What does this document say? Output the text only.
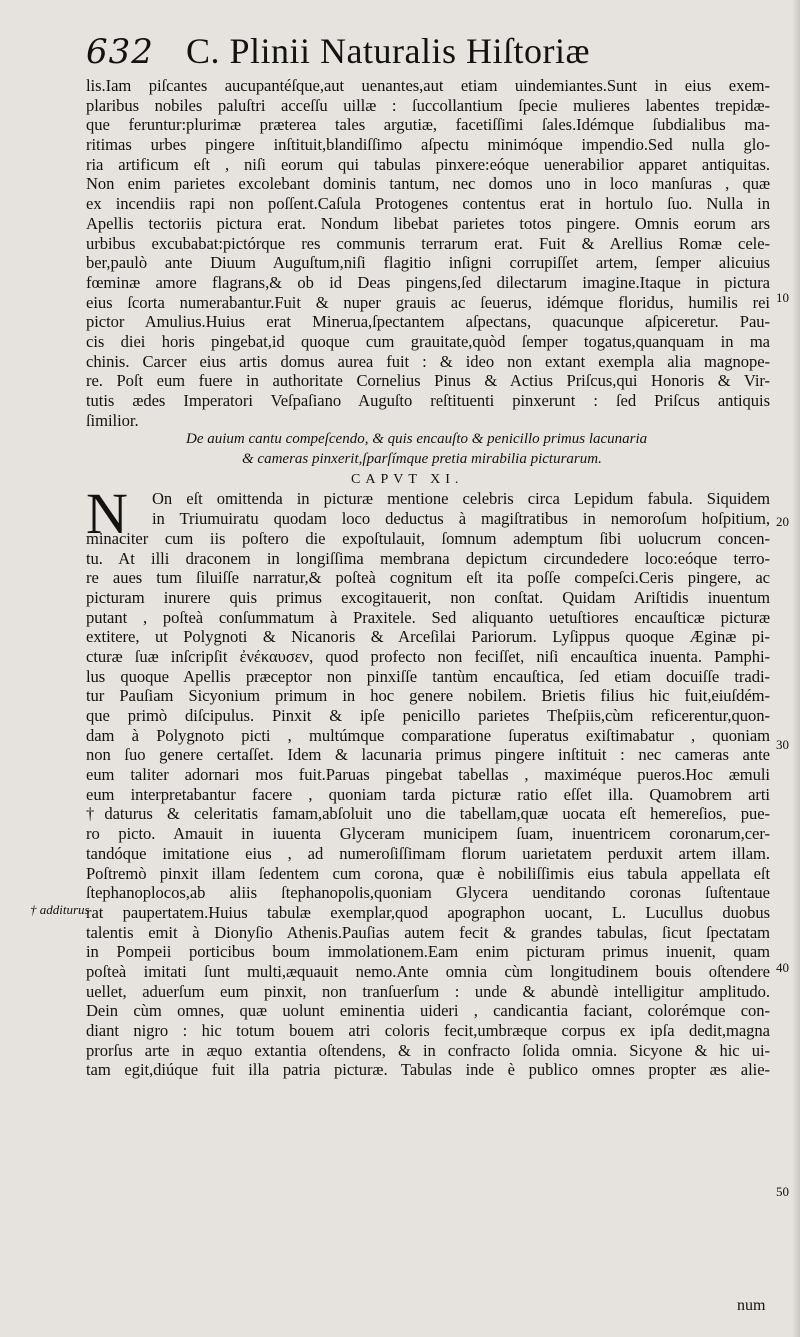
632 C. Plinii Naturalis Hiſtoriæ
lis.Iam piſcantes aucupantéſque,aut uenantes,aut etiam uindemiantes.Sunt in eius exem-
plaribus nobiles paluſtri acceſſu uillæ : ſuccollantium ſpecie mulieres labentes trepidæ-
que feruntur:plurimæ præterea tales argutiæ, facetiſſimi ſales.Idémque ſubdialibus ma-
ritimas urbes pingere inſtituit,blandiſſimo aſpectu minimóque impendio.Sed nulla glo-
ria artificum eſt , niſi eorum qui tabulas pinxere:eóque uenerabilior apparet antiquitas.
Non enim parietes excolebant dominis tantum, nec domos uno in loco manſuras , quæ
ex incendiis rapi non poſſent.Caſula Protogenes contentus erat in hortulo ſuo. Nulla in
Apellis tectoriis pictura erat. Nondum libebat parietes totos pingere. Omnis eorum ars
urbibus excubabat:pictórque res communis terrarum erat. Fuit & Arellius Romæ cele-
ber,paulò ante Diuum Auguſtum,niſi flagitio inſigni corrupiſſet artem, ſemper alicuius
fœminæ amore flagrans,& ob id Deas pingens,ſed dilectarum imagine.Itaque in pictura
eius ſcorta numerabantur.Fuit & nuper grauis ac ſeuerus, idémque floridus, humilis rei
pictor Amulius.Huius erat Minerua,ſpectantem aſpectans, quacunque aſpiceretur. Pau-
cis diei horis pingebat,id quoque cum grauitate,quòd ſemper togatus,quanquam in ma
chinis. Carcer eius artis domus aurea fuit : & ideo non extant exempla alia magnope-
re. Poſt eum fuere in authoritate Cornelius Pinus & Actius Priſcus,qui Honoris & Vir-
tutis ædes Imperatori Veſpaſiano Auguſto reſtituenti pinxerunt : ſed Priſcus antiquis
ſimilior.
De auium cantu compeſcendo, & quis encauſto & penicillo primus lacunaria
& cameras pinxerit,ſparſímque pretia mirabilia picturarum.
CAPVT XI.
N	On eſt omittenda in picturæ mentione celebris circa Lepidum fabula. Siquidem
in Triumuiratu quodam loco deductus à magiſtratibus in nemoroſum hoſpitium,
minaciter cum iis poſtero die expoſtulauit, ſomnum ademptum ſibi uolucrum concen-
tu. At illi draconem in longiſſima membrana depictum circundedere loco:eóque terro-
re aues tum ſiluiſſe narratur,& poſteà cognitum eſt ita poſſe compeſci.Ceris pingere, ac
picturam inurere quis primus excogitauerit, non conſtat. Quidam Ariſtidis inuentum
putant , poſteà conſummatum à Praxitele. Sed aliquanto uetuſtiores encauſticæ picturæ
extitere, ut Polygnoti & Nicanoris & Arceſilai Pariorum. Lyſippus quoque Æginæ pi-
cturæ ſuæ inſcripſit ἐνέκαυσεν, quod profecto non feciſſet, niſi encauſtica inuenta. Pamphi-
lus quoque Apellis præceptor non pinxiſſe tantùm encauſtica, ſed etiam docuiſſe tradi-
tur Pauſiam Sicyonium primum in hoc genere nobilem. Brietis filius hic fuit,eiuſdém-
que primò diſcipulus. Pinxit & ipſe penicillo parietes Theſpiis,cùm reficerentur,quon-
dam à Polygnoto picti , multúmque comparatione ſuperatus exiſtimabatur , quoniam
non ſuo genere certaſſet. Idem & lacunaria primus pingere inſtituit : nec cameras ante
eum taliter adornari mos fuit.Paruas pingebat tabellas , maximéque pueros.Hoc æmuli
eum interpretabantur facere , quoniam tarda picturæ ratio eſſet illa. Quamobrem arti
†daturus & celeritatis famam,abſoluit uno die tabellam,quæ uocata eſt hemereſios, pue-
ro picto. Amauit in iuuenta Glyceram municipem ſuam, inuentricem coronarum,cer-
tandóque imitatione eius , ad numeroſiſſimam florum uarietatem perduxit artem illam.
Poſtremò pinxit illam ſedentem cum corona, quæ è nobiliſſimis eius tabula appellata eſt
ſtephanoplocos,ab aliis ſtephanopolis,quoniam Glycera uenditando coronas ſuſtentaue
rat paupertatem.Huius tabulæ exemplar,quod apographon uocant, L. Lucullus duobus
talentis emit à Dionyſio Athenis.Pauſias autem fecit & grandes tabulas, ſicut ſpectatam
in Pompeii porticibus boum immolationem.Eam enim picturam primus inuenit, quam
poſteà imitati ſunt multi,æquauit nemo.Ante omnia cùm longitudinem bouis oſtendere
uellet, aduerſum eum pinxit, non tranſuerſum : unde & abundè intelligitur amplitudo.
Dein cùm omnes, quæ uolunt eminentia uideri , candicantia faciant, colorémque con-
diant nigro : hic totum bouem atri coloris fecit,umbræque corpus ex ipſa dedit,magna
prorſus arte in æquo extantia oſtendens, & in confracto ſolida omnia. Sicyone & hic ui-
tam egit,diúque fuit illa patria picturæ. Tabulas inde è publico omnes propter æs alie-
10
20
30
40
50
† additurus
num
